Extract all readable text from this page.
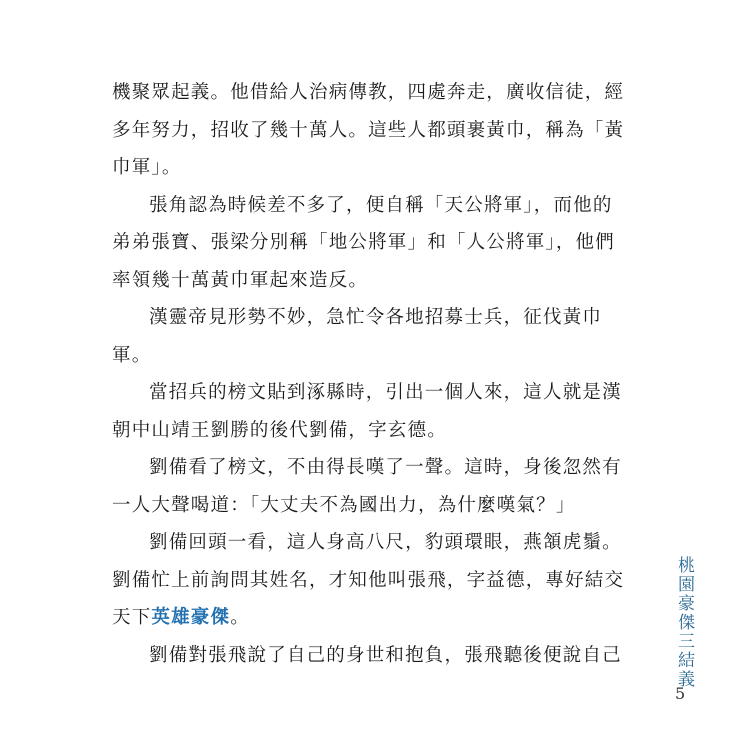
機聚眾起義。他借給人治病傳教，四處奔走，廣收信徒，經
多年努力，招收了幾十萬人。這些人都頭裹黃巾，稱為「黃
巾軍」。
張角認為時候差不多了，便自稱「天公將軍」，而他的
弟弟張寶、張梁分別稱「地公將軍」和「人公將軍」，他們
率領幾十萬黃巾軍起來造反。
漢靈帝見形勢不妙，急忙令各地招募士兵，征伐黃巾
軍。
當招兵的榜文貼到涿縣時，引出一個人來，這人就是漢
朝中山靖王劉勝的後代劉備，字玄德。
劉備看了榜文，不由得長嘆了一聲。這時，身後忽然有
一人大聲喝道：「大丈夫不為國出力，為什麼嘆氣？」
劉備回頭一看，這人身高八尺，豹頭環眼，燕頷虎鬚。
劉備忙上前詢問其姓名，才知他叫張飛，字益德，專好結交
天下英雄豪傑。
劉備對張飛說了自己的身世和抱負，張飛聽後便說自己	桃園豪傑三結義
5
